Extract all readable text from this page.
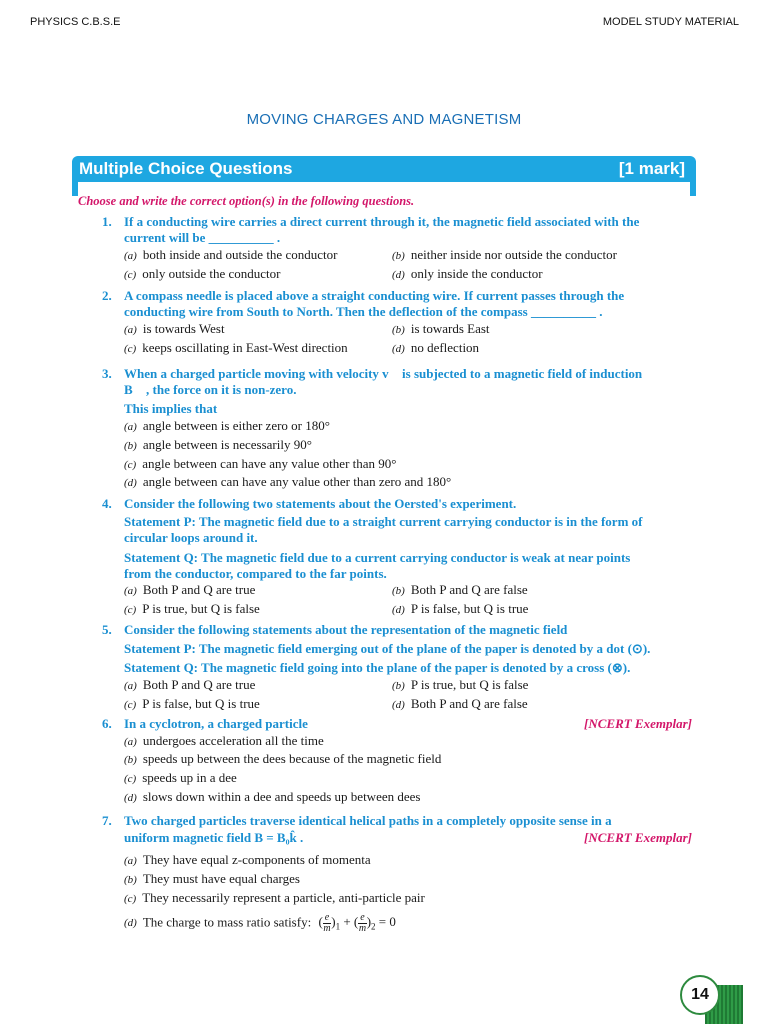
PHYSICS C.B.S.E	MODEL STUDY MATERIAL
MOVING CHARGES AND MAGNETISM
Multiple Choice Questions	[1 mark]
Choose and write the correct option(s) in the following questions.
1. If a conducting wire carries a direct current through it, the magnetic field associated with the
current will be __________ .
(a) both inside and outside the conductor	(b) neither inside nor outside the conductor
(c) only outside the conductor	(d) only inside the conductor
2. A compass needle is placed above a straight conducting wire. If current passes through the
conducting wire from South to North. Then the deflection of the compass __________ .
(a) is towards West	(b) is towards East
(c) keeps oscillating in East-West direction	(d) no deflection
3. When a charged particle moving with velocity v⃗ is subjected to a magnetic field of induction
B⃗ , the force on it is non-zero.
This implies that
(a) angle between is either zero or 180°
(b) angle between is necessarily 90°
(c) angle between can have any value other than 90°
(d) angle between can have any value other than zero and 180°
4. Consider the following two statements about the Oersted's experiment.
Statement P: The magnetic field due to a straight current carrying conductor is in the form of
circular loops around it.
Statement Q: The magnetic field due to a current carrying conductor is weak at near points
from the conductor, compared to the far points.
(a) Both P and Q are true	(b) Both P and Q are false
(c) P is true, but Q is false	(d) P is false, but Q is true
5. Consider the following statements about the representation of the magnetic field
Statement P: The magnetic field emerging out of the plane of the paper is denoted by a dot (⊙).
Statement Q: The magnetic field going into the plane of the paper is denoted by a cross (⊗).
(a) Both P and Q are true	(b) P is true, but Q is false
(c) P is false, but Q is true	(d) Both P and Q are false
6. In a cyclotron, a charged particle	[NCERT Exemplar]
(a) undergoes acceleration all the time
(b) speeds up between the dees because of the magnetic field
(c) speeds up in a dee
(d) slows down within a dee and speeds up between dees
7. Two charged particles traverse identical helical paths in a completely opposite sense in a
uniform magnetic field B = B₀k̂ .	[NCERT Exemplar]
(a) They have equal z-components of momenta
(b) They must have equal charges
(c) They necessarily represent a particle, anti-particle pair
(d) The charge to mass ratio satisfy: ( $\frac{e}{m} )_1$ + ( $\frac{e}{m} )_2 = 0$
14
